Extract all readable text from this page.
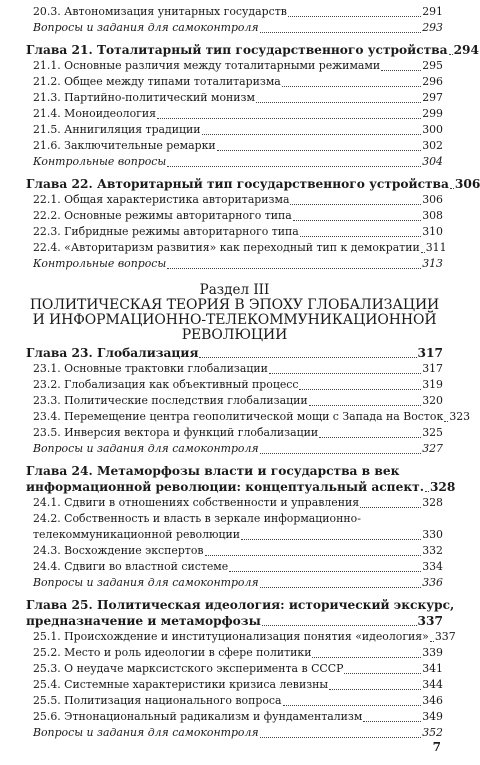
20.3. Автономизация унитарных государств	291
Вопросы и задания для самоконтроля	293
Глава 21. Тоталитарный тип государственного устройства 294
21.1. Основные различия между тоталитарными режимами	295
21.2. Общее между типами тоталитаризма	296
21.3. Партийно-политический монизм	297
21.4. Моноидеология	299
21.5. Аннигиляция традиции	300
21.6. Заключительные ремарки	302
Контрольные вопросы	304
Глава 22. Авторитарный тип государственного устройства 306
22.1. Общая характеристика авторитаризма	306
22.2. Основные режимы авторитарного типа	308
22.3. Гибридные режимы авторитарного типа	310
22.4. «Авторитаризм развития» как переходный тип к демократии 311
Контрольные вопросы	313
Раздел III
ПОЛИТИЧЕСКАЯ ТЕОРИЯ В ЭПОХУ ГЛОБАЛИЗАЦИИ
И ИНФОРМАЦИОННО-ТЕЛЕКОММУНИКАЦИОННОЙ
РЕВОЛЮЦИИ
Глава 23. Глобализация	317
23.1. Основные трактовки глобализации	317
23.2. Глобализация как объективный процесс	319
23.3. Политические последствия глобализации	320
23.4. Перемещение центра геополитической мощи с Запада на Восток 323
23.5. Инверсия вектора и функций глобализации	325
Вопросы и задания для самоконтроля	327
Глава 24. Метаморфозы власти и государства в век
информационной революции: концептуальный аспект. 328
24.1. Сдвиги в отношениях собственности и управления	328
24.2. Собственность и власть в зеркале информационно-
телекоммуникационной революции	330
24.3. Восхождение экспертов	332
24.4. Сдвиги во властной системе	334
Вопросы и задания для самоконтроля	336
Глава 25. Политическая идеология: исторический экскурс,
предназначение и метаморфозы	337
25.1. Происхождение и институционализация понятия «идеология» 337
25.2. Место и роль идеологии в сфере политики	339
25.3. О неудаче марксистского эксперимента в СССР	341
25.4. Системные характеристики кризиса левизны	344
25.5. Политизация национального вопроса	346
25.6. Этнонациональный радикализм и фундаментализм	349
Вопросы и задания для самоконтроля	352
7
